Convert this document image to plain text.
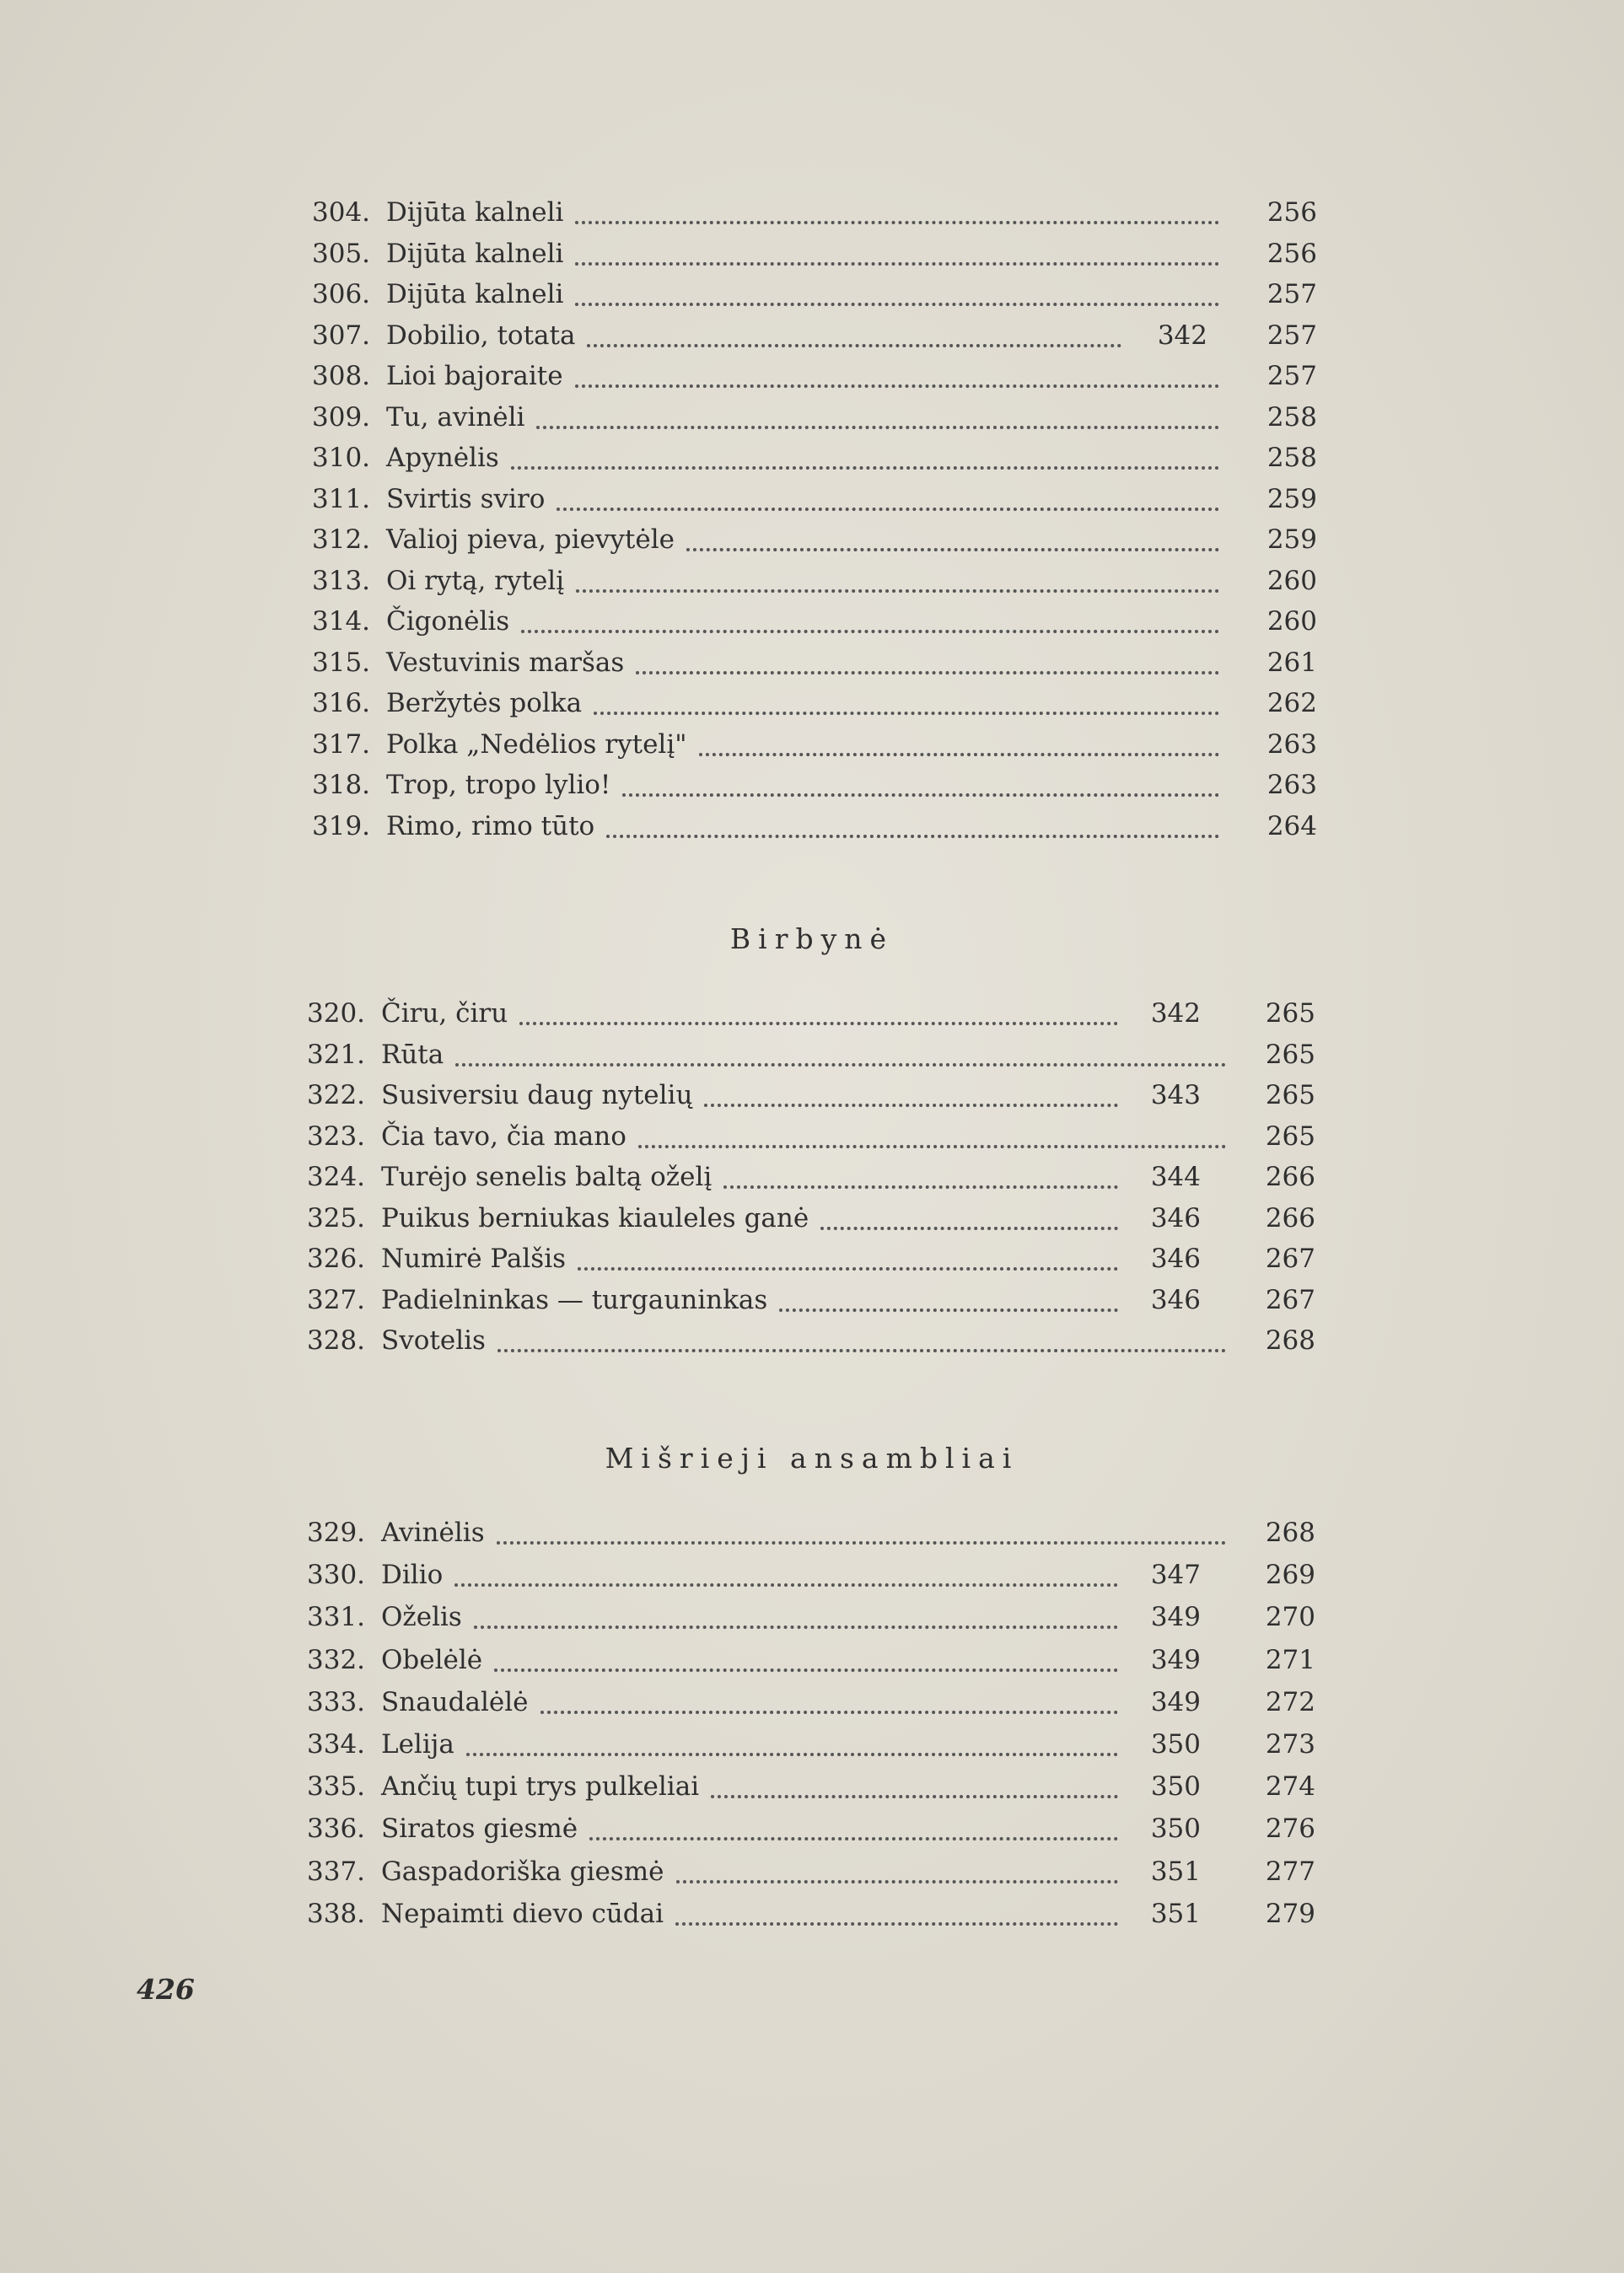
304. Dijūta kalneli	256
305. Dijūta kalneli	256
306. Dijūta kalneli	257
307. Dobilio, totata	342	257
308. Lioi bajoraite	257
309. Tu, avinėli	258
310. Apynėlis	258
311. Svirtis sviro	259
312. Valioj pieva, pievytėle	259
313. Oi rytą, rytelį	260
314. Čigonėlis	260
315. Vestuvinis maršas	261
316. Beržytės polka	262
317. Polka „Nedėlios rytelį"	263
318. Trop, tropo lylio!	263
319. Rimo, rimo tūto	264
Birbynė
320. Čiru, čiru	342	265
321. Rūta	265
322. Susiversiu daug nytelių	343	265
323. Čia tavo, čia mano	265
324. Turėjo senelis baltą oželį	344	266
325. Puikus berniukas kiauleles ganė	346	266
326. Numirė Palšis	346	267
327. Padielninkas — turgauninkas	346	267
328. Svotelis	268
Mišrieji ansambliai
329. Avinėlis	268
330. Dilio	347	269
331. Oželis	349	270
332. Obelėlė	349	271
333. Snaudalėlė	349	272
334. Lelija	350	273
335. Ančių tupi trys pulkeliai	350	274
336. Siratos giesmė	350	276
337. Gaspadoriška giesmė	351	277
338. Nepaimti dievo cūdai	351	279
426
